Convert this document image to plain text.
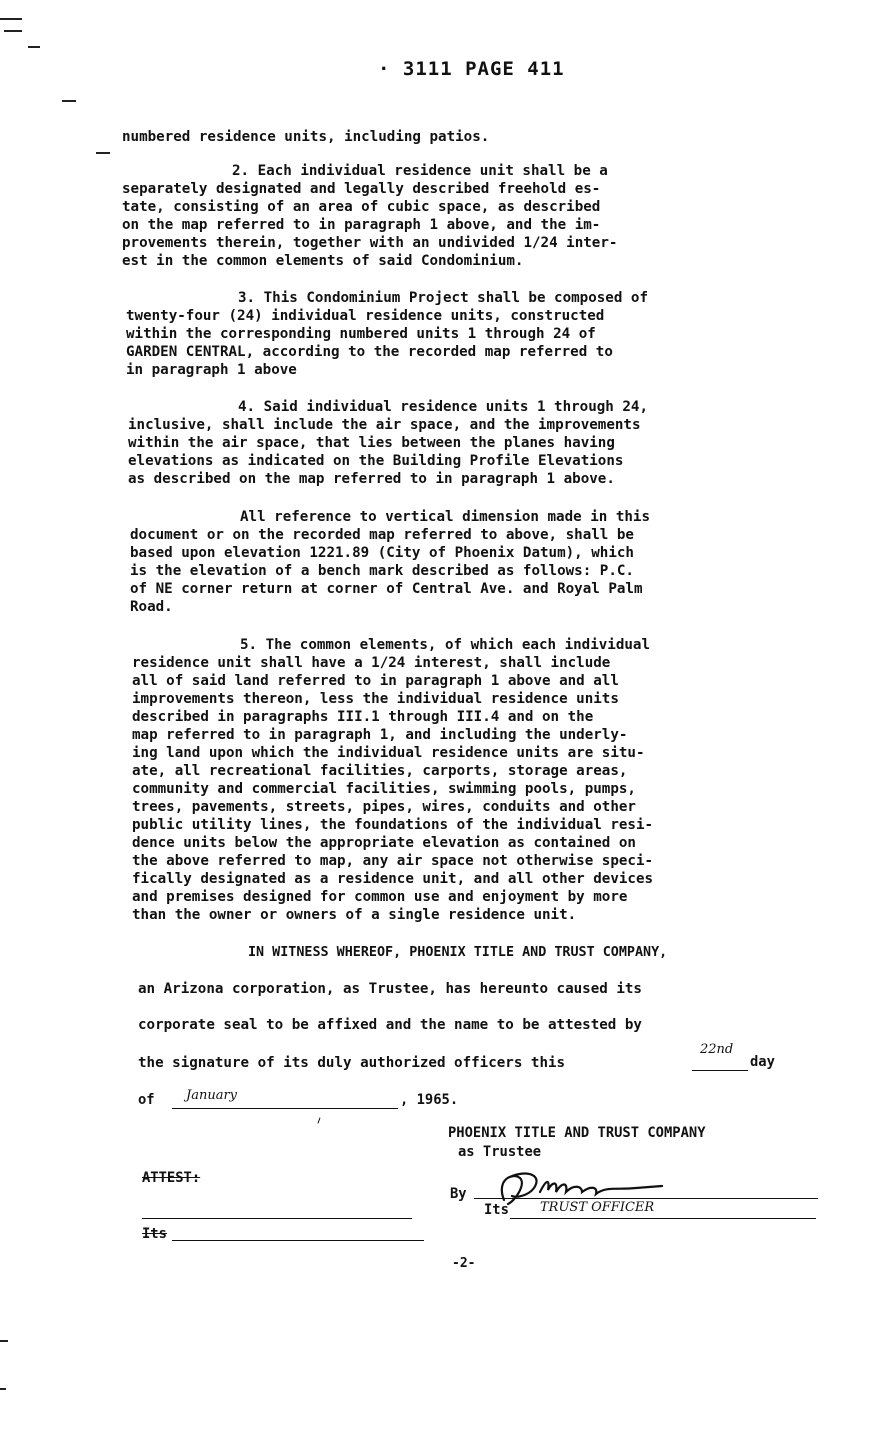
· 3111 PAGE 411
numbered residence units, including patios.
2. Each individual residence unit shall be a
separately designated and legally described freehold es-
tate, consisting of an area of cubic space, as described
on the map referred to in paragraph 1 above, and the im-
provements therein, together with an undivided 1/24 inter-
est in the common elements of said Condominium.
3. This Condominium Project shall be composed of
twenty-four (24) individual residence units, constructed
within the corresponding numbered units 1 through 24 of
GARDEN CENTRAL, according to the recorded map referred to
in paragraph 1 above
4. Said individual residence units 1 through 24,
inclusive, shall include the air space, and the improvements
within the air space, that lies between the planes having
elevations as indicated on the Building Profile Elevations
as described on the map referred to in paragraph 1 above.
All reference to vertical dimension made in this
document or on the recorded map referred to above, shall be
based upon elevation 1221.89 (City of Phoenix Datum), which
is the elevation of a bench mark described as follows: P.C.
of NE corner return at corner of Central Ave. and Royal Palm
Road.
5. The common elements, of which each individual
residence unit shall have a 1/24 interest, shall include
all of said land referred to in paragraph 1 above and all
improvements thereon, less the individual residence units
described in paragraphs III.1 through III.4 and on the
map referred to in paragraph 1, and including the underly-
ing land upon which the individual residence units are situ-
ate, all recreational facilities, carports, storage areas,
community and commercial facilities, swimming pools, pumps,
trees, pavements, streets, pipes, wires, conduits and other
public utility lines, the foundations of the individual resi-
dence units below the appropriate elevation as contained on
the above referred to map, any air space not otherwise speci-
fically designated as a residence unit, and all other devices
and premises designed for common use and enjoyment by more
than the owner or owners of a single residence unit.
IN WITNESS WHEREOF, PHOENIX TITLE AND TRUST COMPANY,
an Arizona corporation, as Trustee, has hereunto caused its
corporate seal to be affixed and the name to be attested by
the signature of its duly authorized officers this
22nd
day
of January	, 1965.
PHOENIX TITLE AND TRUST COMPANY
as Trustee
ATTEST:
By
Its TRUST OFFICER
Its
-2-
